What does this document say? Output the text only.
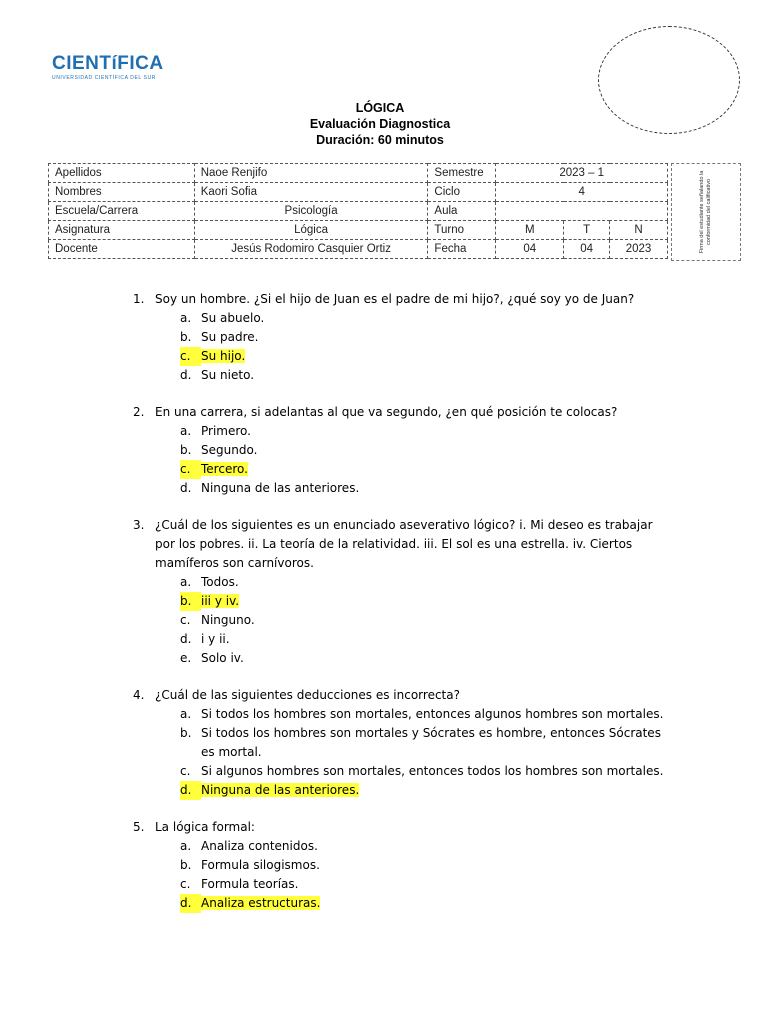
CIENTíFICA
UNIVERSIDAD CIENTÍFICA DEL SUR
LÓGICA
Evaluación Diagnostica
Duración: 60 minutos
Apellidos	Naoe Renjifo	Semestre	2023 – 1		
Nombres	Kaori Sofia	Ciclo	4		
Escuela/Carrera	Psicología	Aula			
Asignatura	Lógica	Turno	M	T	N
Docente	Jesús Rodomiro Casquier Ortiz	Fecha	04	04	2023	Firma del estudiante señalando la conformidad del calificativo
1. Soy un hombre. ¿Si el hijo de Juan es el padre de mi hijo?, ¿qué soy yo de Juan?
a. Su abuelo.
b. Su padre.
c. Su hijo.
d. Su nieto.
2. En una carrera, si adelantas al que va segundo, ¿en qué posición te colocas?
a. Primero.
b. Segundo.
c. Tercero.
d. Ninguna de las anteriores.
3. ¿Cuál de los siguientes es un enunciado aseverativo lógico? i. Mi deseo es trabajar por los pobres. ii. La teoría de la relatividad. iii. El sol es una estrella. iv. Ciertos mamíferos son carnívoros.
a. Todos.
b. iii y iv.
c. Ninguno.
d. i y ii.
e. Solo iv.
4. ¿Cuál de las siguientes deducciones es incorrecta?
a. Si todos los hombres son mortales, entonces algunos hombres son mortales.
b. Si todos los hombres son mortales y Sócrates es hombre, entonces Sócrates es mortal.
c. Si algunos hombres son mortales, entonces todos los hombres son mortales.
d. Ninguna de las anteriores.
5. La lógica formal:
a. Analiza contenidos.
b. Formula silogismos.
c. Formula teorías.
d. Analiza estructuras.
